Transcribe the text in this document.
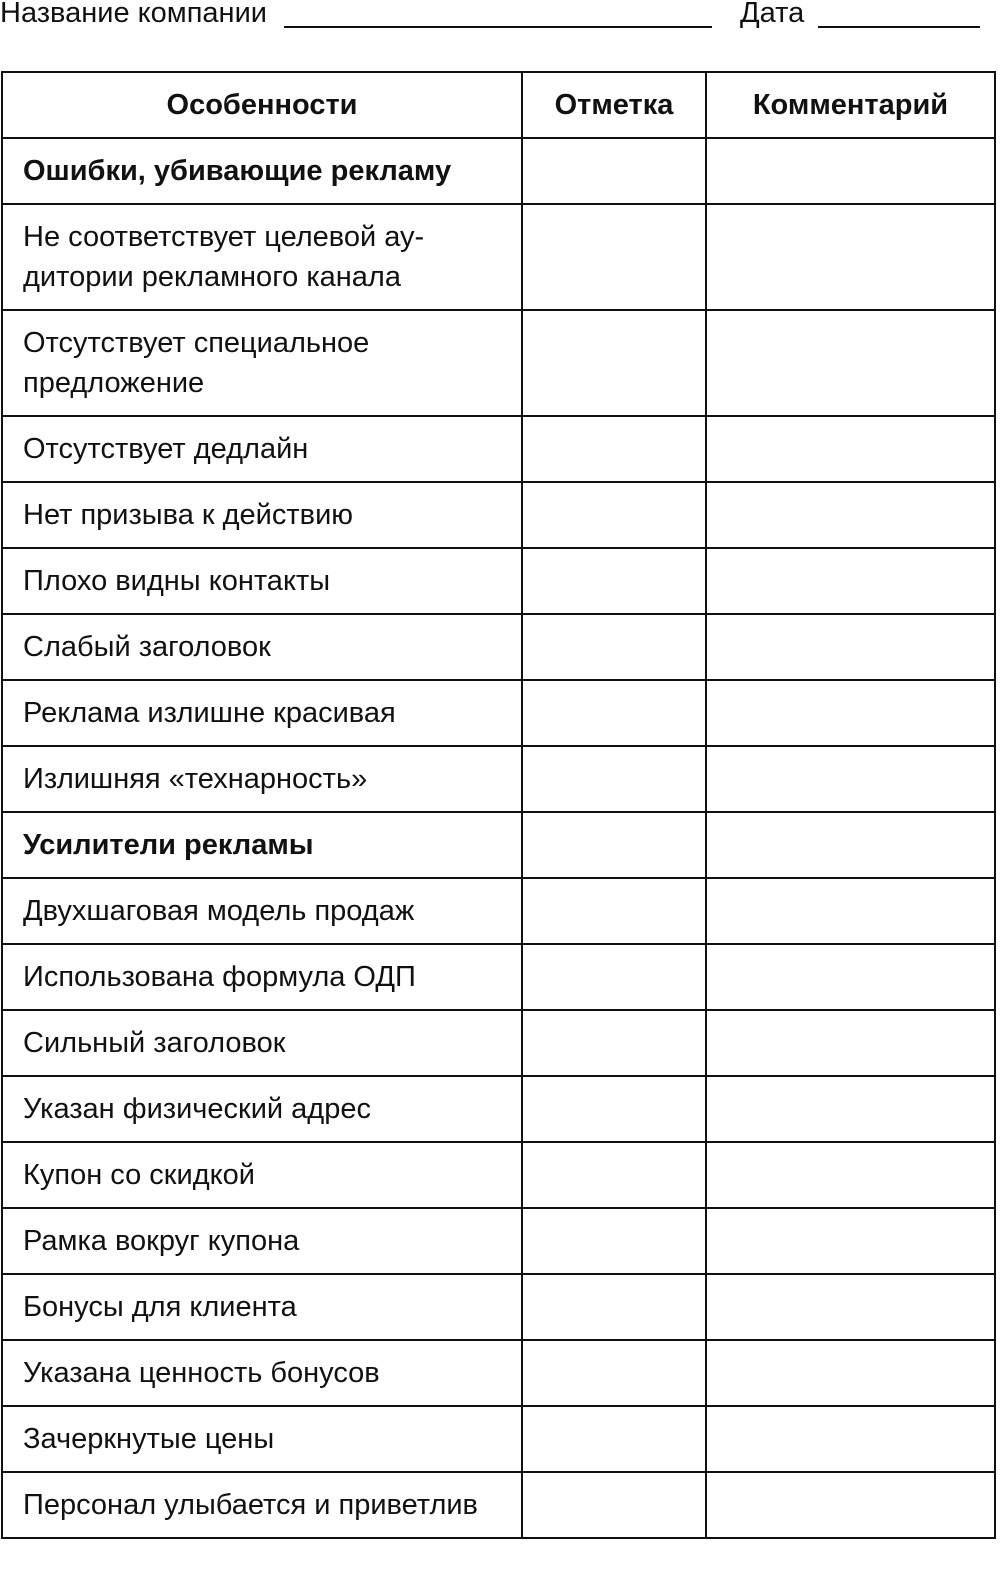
Название компании	Дата
Особенности	Отметка	Комментарий
Ошибки, убивающие рекламу		

Не соответствует целевой ау-
дитории рекламного канала		

Отсутствует специальное
предложение		

Отсутствует дедлайн		
Нет призыва к действию		
Плохо видны контакты		
Слабый заголовок		
Реклама излишне красивая		
Излишняя «технарность»		
Усилители рекламы		
Двухшаговая модель продаж		
Использована формула ОДП		
Сильный заголовок		
Указан физический адрес		
Купон со скидкой		
Рамка вокруг купона		
Бонусы для клиента		
Указана ценность бонусов		
Зачеркнутые цены		
Персонал улыбается и приветлив		
